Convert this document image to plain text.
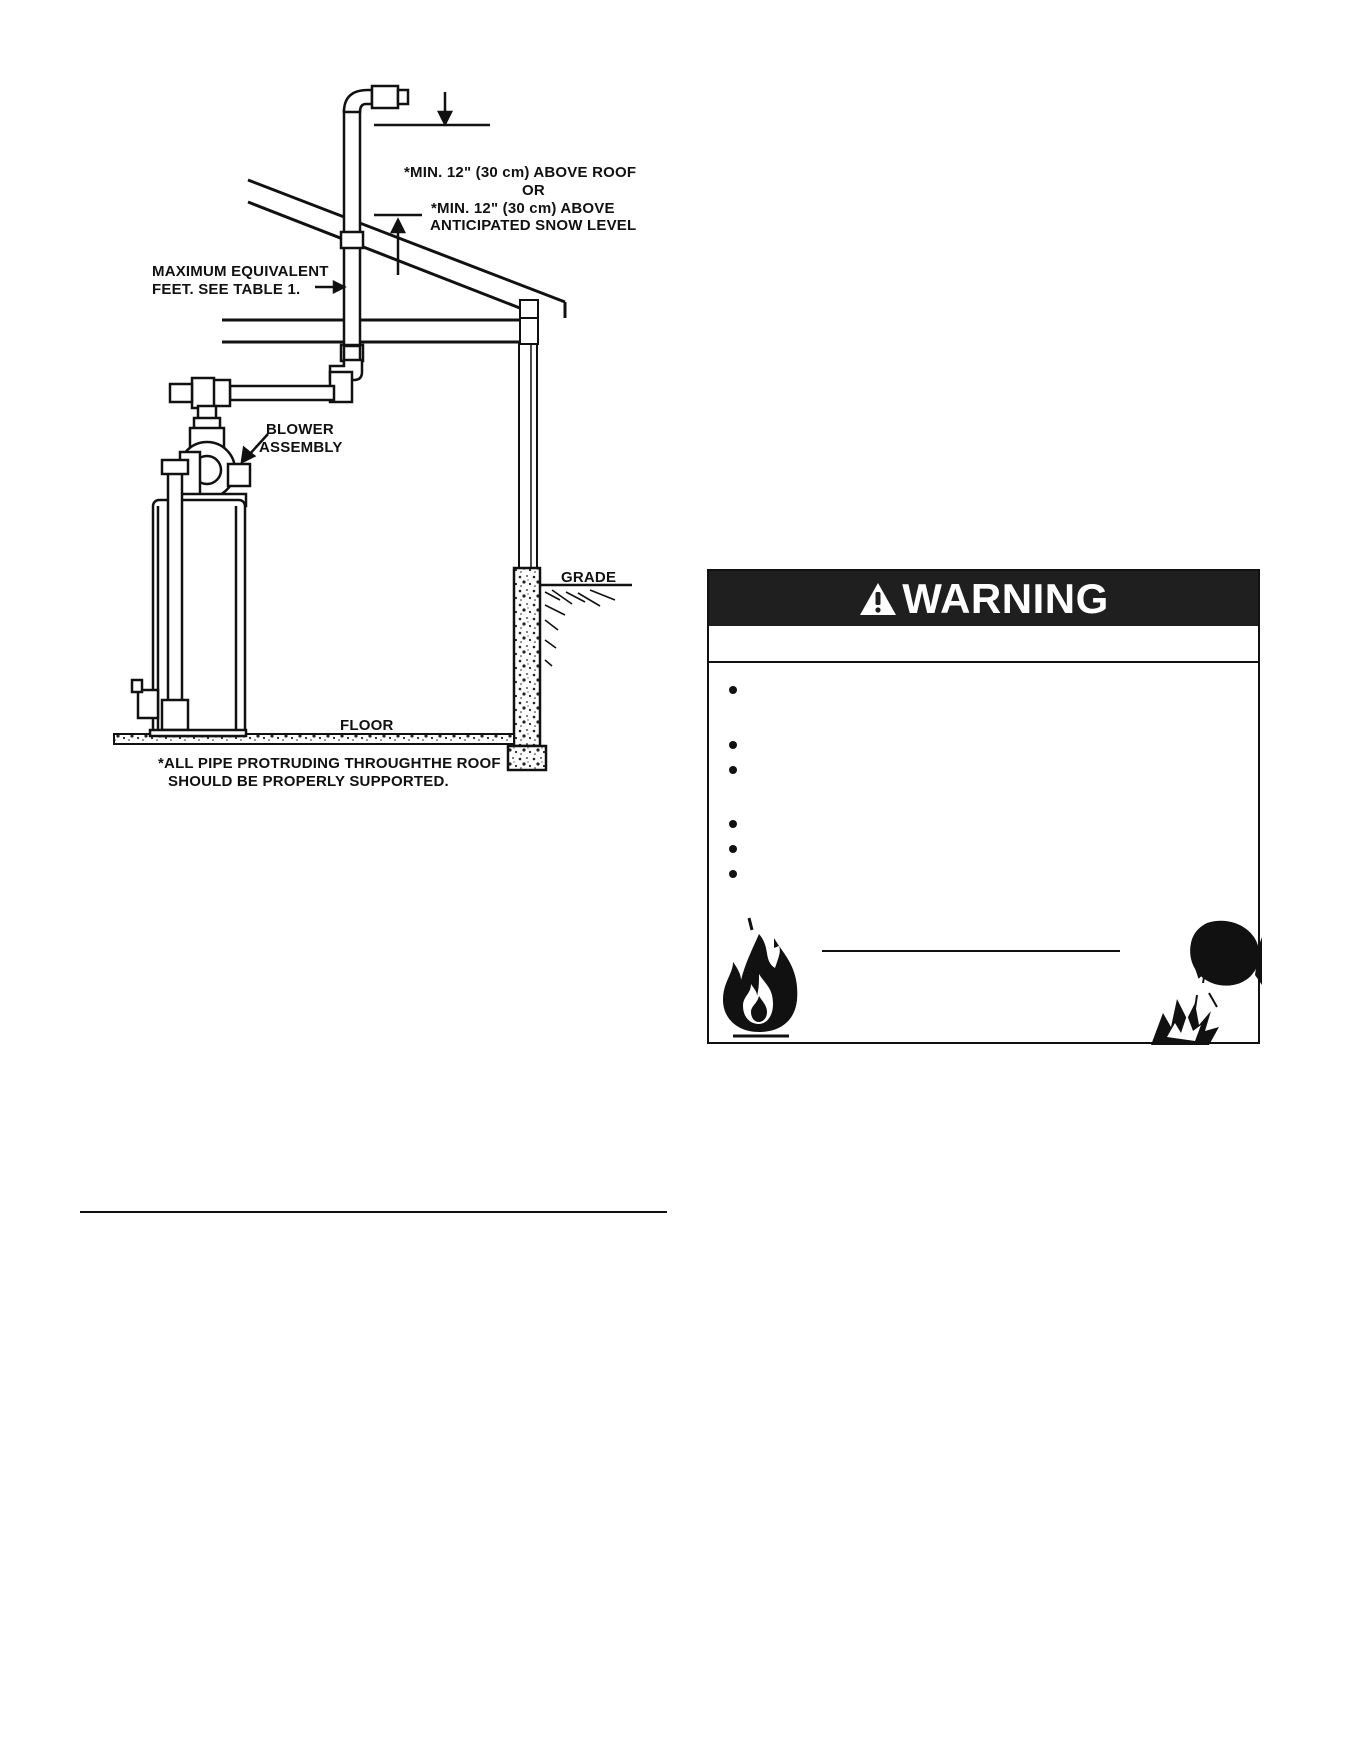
*MIN. 12" (30 cm) ABOVE ROOF
OR
*MIN. 12" (30 cm) ABOVE
ANTICIPATED SNOW LEVEL
MAXIMUM EQUIVALENT
FEET. SEE TABLE 1.
BLOWER
ASSEMBLY
GRADE
FLOOR
*ALL PIPE PROTRUDING THROUGHTHE ROOF
SHOULD BE PROPERLY SUPPORTED.
WARNING
